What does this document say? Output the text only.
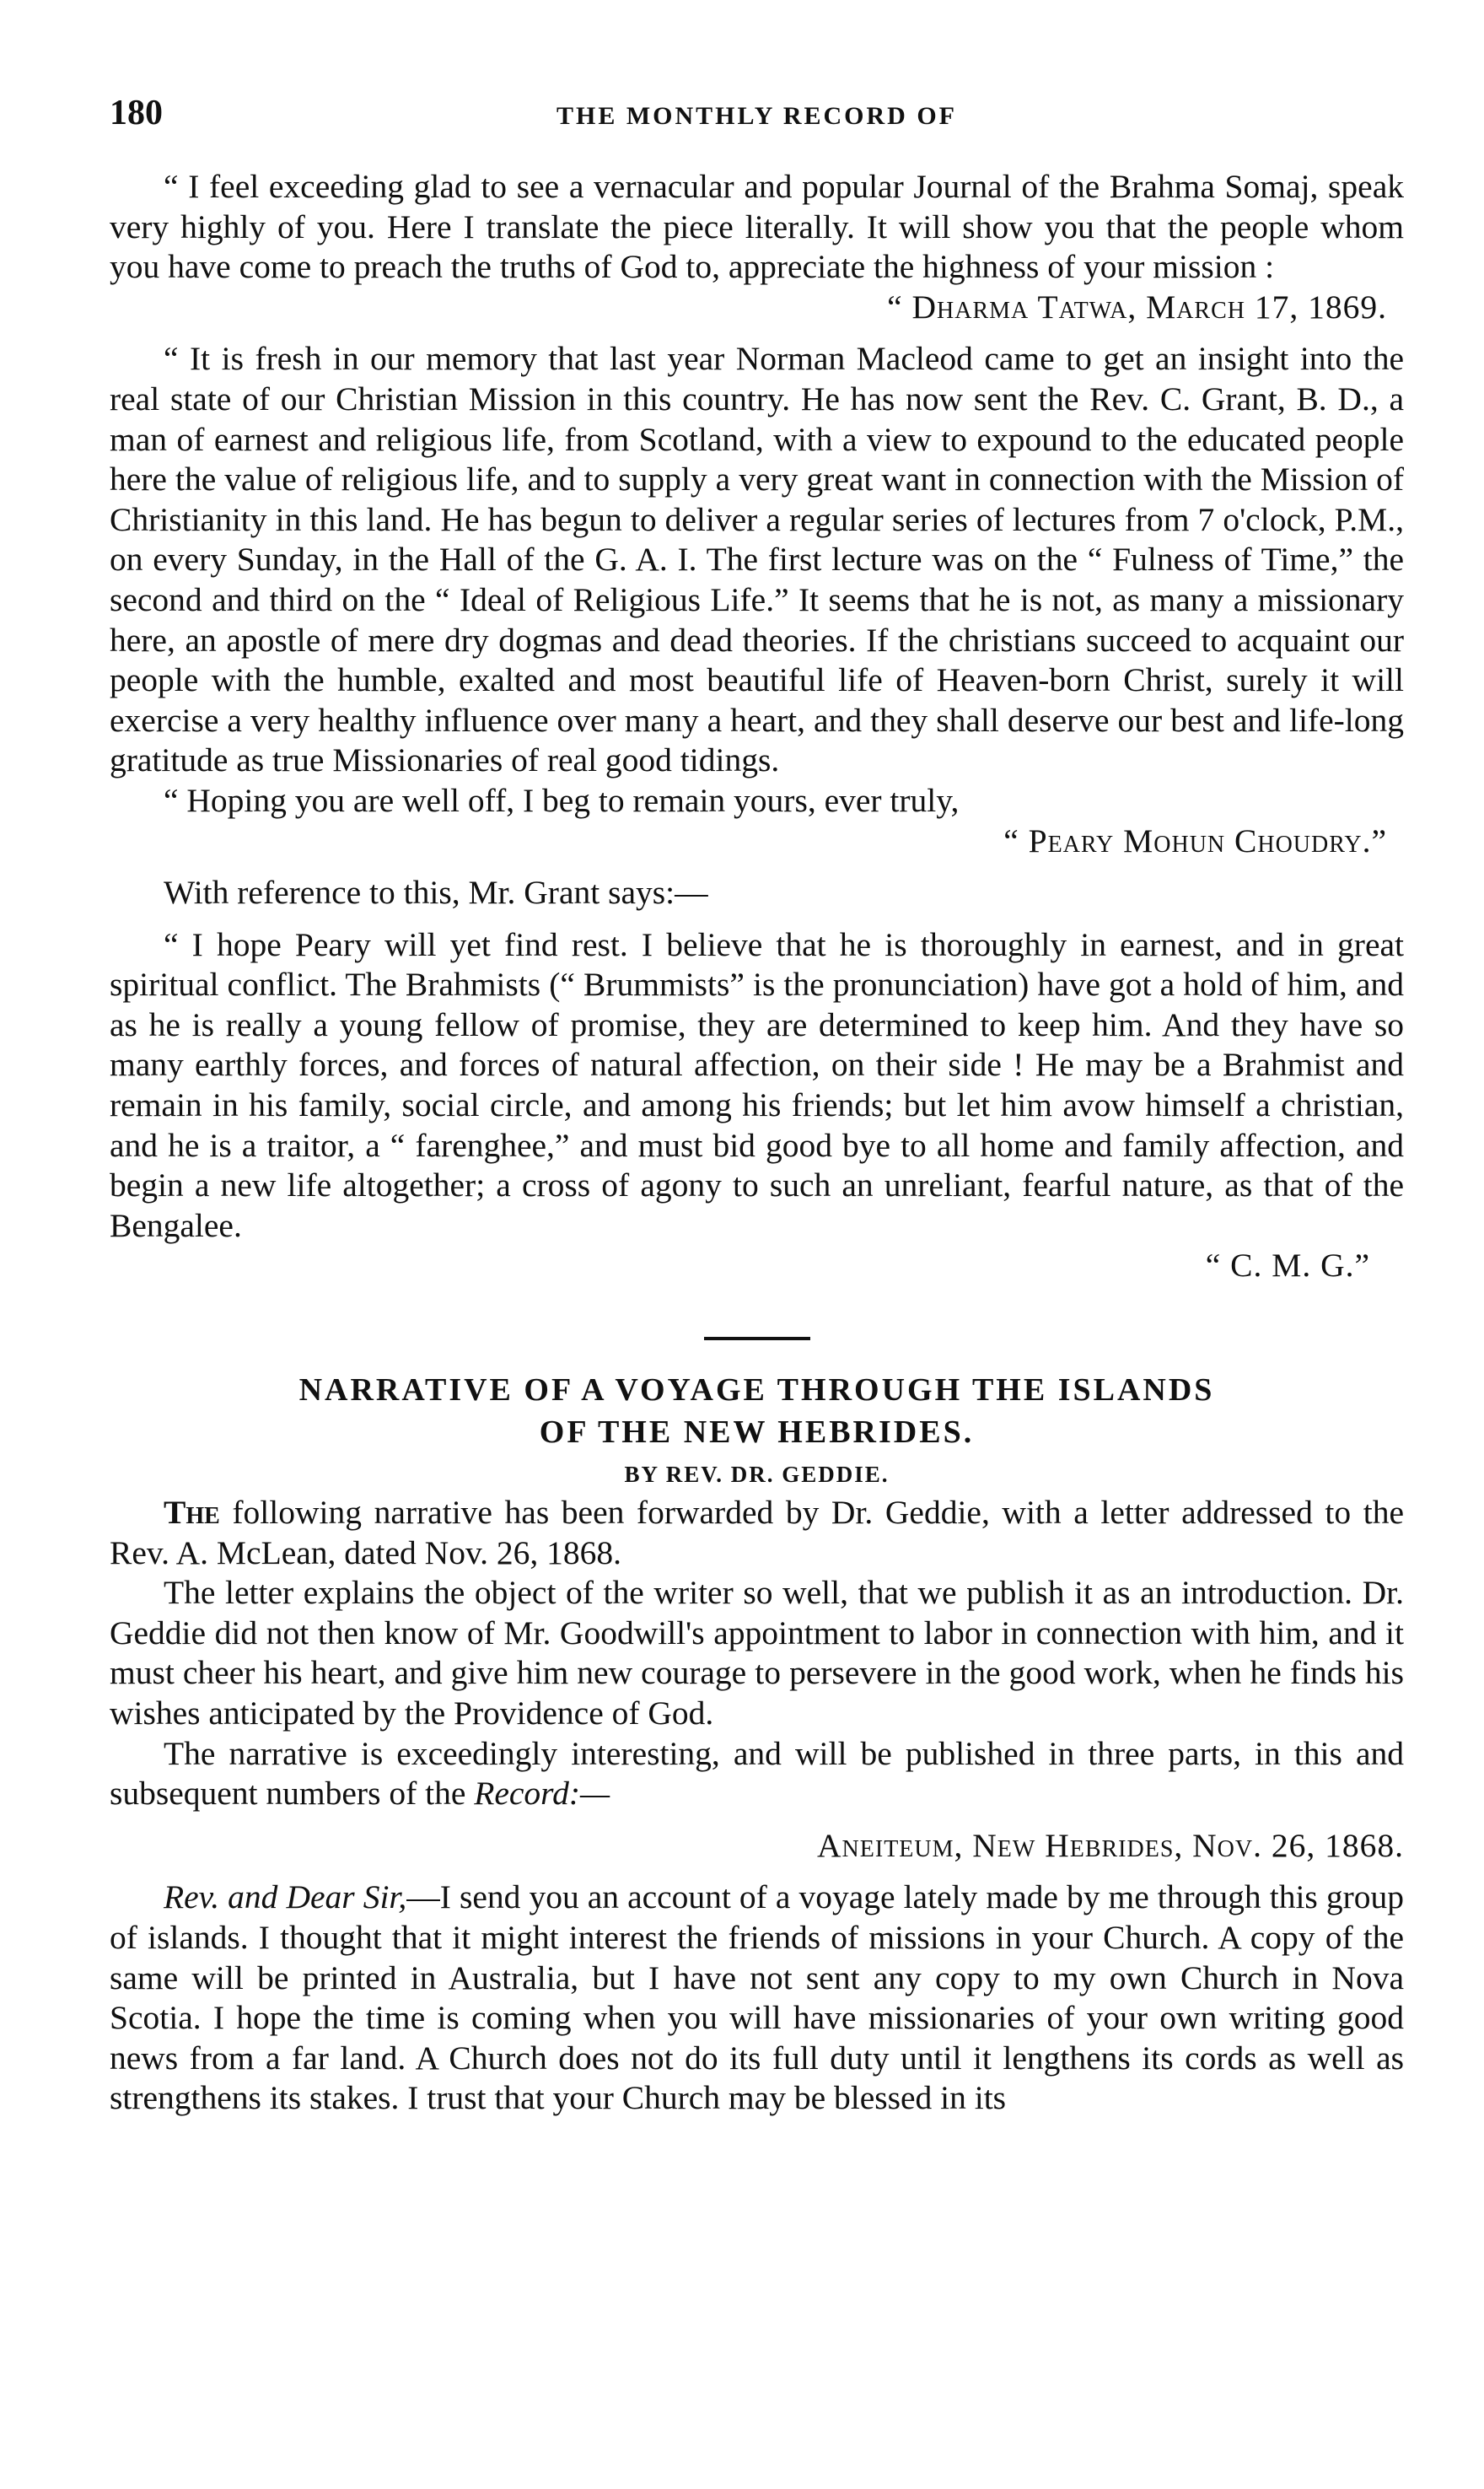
180	THE MONTHLY RECORD OF

“ I feel exceeding glad to see a vernacular and popular Journal of the Brahma Somaj, speak very highly of you. Here I translate the piece literally. It will show you that the people whom you have come to preach the truths of God to, appreciate the highness of your mission :

“ Dharma Tatwa, March 17, 1869.

“ It is fresh in our memory that last year Norman Macleod came to get an insight into the real state of our Christian Mission in this country. He has now sent the Rev. C. Grant, B. D., a man of earnest and religious life, from Scotland, with a view to expound to the educated people here the value of religious life, and to supply a very great want in connection with the Mission of Christianity in this land. He has begun to deliver a regular series of lectures from 7 o'clock, P.M., on every Sunday, in the Hall of the G. A. I. The first lecture was on the “ Fulness of Time,” the second and third on the “ Ideal of Religious Life.” It seems that he is not, as many a missionary here, an apostle of mere dry dogmas and dead theories. If the christians succeed to acquaint our people with the humble, exalted and most beautiful life of Heaven-born Christ, surely it will exercise a very healthy influence over many a heart, and they shall deserve our best and life-long gratitude as true Missionaries of real good tidings.

“ Hoping you are well off, I beg to remain yours, ever truly,

“ Peary Mohun Choudry.”

With reference to this, Mr. Grant says:—

“ I hope Peary will yet find rest. I believe that he is thoroughly in earnest, and in great spiritual conflict. The Brahmists (“ Brummists” is the pronunciation) have got a hold of him, and as he is really a young fellow of promise, they are determined to keep him. And they have so many earthly forces, and forces of natural affection, on their side ! He may be a Brahmist and remain in his family, social circle, and among his friends; but let him avow himself a christian, and he is a traitor, a “ farenghee,” and must bid good bye to all home and family affection, and begin a new life altogether; a cross of agony to such an unreliant, fearful nature, as that of the Bengalee.

“ C. M. G.”
NARRATIVE OF A VOYAGE THROUGH THE ISLANDS
OF THE NEW HEBRIDES.
BY REV. DR. GEDDIE.

The following narrative has been forwarded by Dr. Geddie, with a letter addressed to the Rev. A. McLean, dated Nov. 26, 1868.

The letter explains the object of the writer so well, that we publish it as an introduction. Dr. Geddie did not then know of Mr. Goodwill's appointment to labor in connection with him, and it must cheer his heart, and give him new courage to persevere in the good work, when he finds his wishes anticipated by the Providence of God.

The narrative is exceedingly interesting, and will be published in three parts, in this and subsequent numbers of the Record:—

Aneiteum, New Hebrides, Nov. 26, 1868.

Rev. and Dear Sir,—I send you an account of a voyage lately made by me through this group of islands. I thought that it might interest the friends of missions in your Church. A copy of the same will be printed in Australia, but I have not sent any copy to my own Church in Nova Scotia. I hope the time is coming when you will have missionaries of your own writing good news from a far land. A Church does not do its full duty until it lengthens its cords as well as strengthens its stakes. I trust that your Church may be blessed in its
